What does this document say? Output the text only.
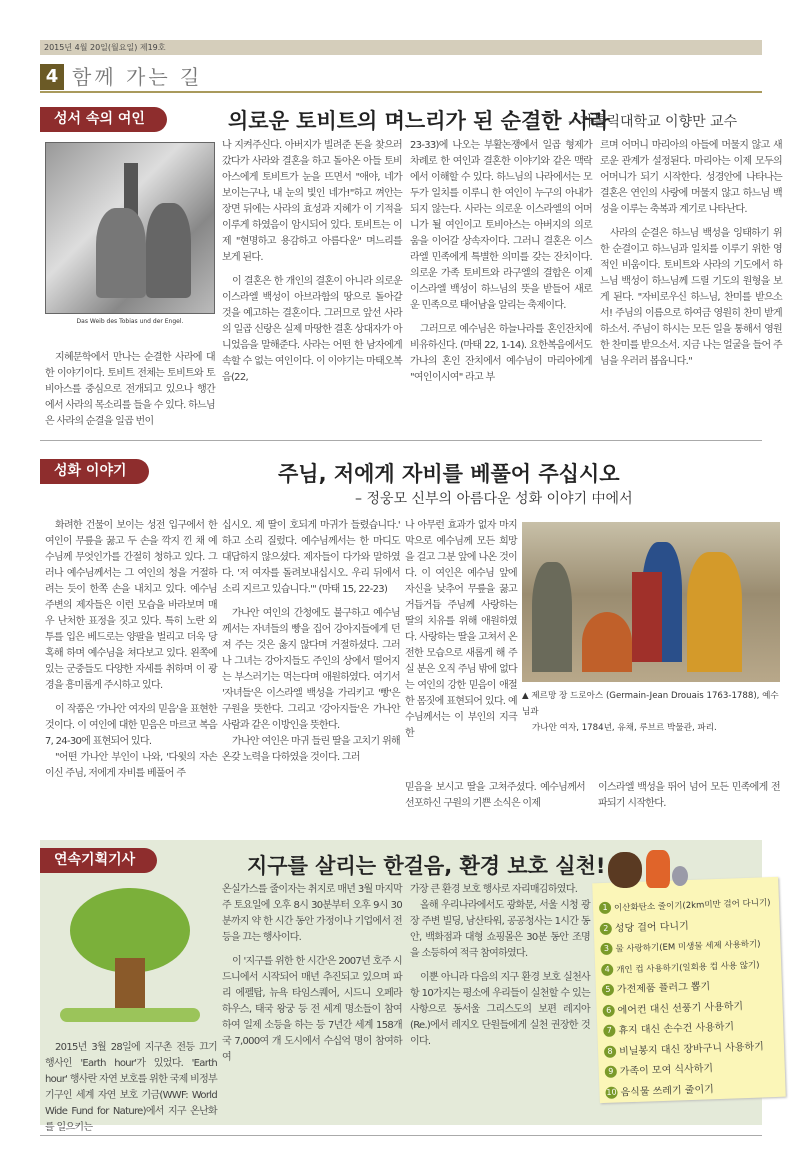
2015년 4월 20일(월요일) 제19호
4 함께 가는 길
성서 속의 여인	의로운 토비트의 며느리가 된 순결한 사라
– 가톨릭대학교 이향만 교수
Das Weib des Tobias und der Engel.

지혜문학에서 만나는 순결한 사라에 대한 이야기이다. 토비트 전체는 토비트와 토비아스를 중심으로 전개되고 있으나 행간에서 사라의 목소리를 들을 수 있다. 하느님은 사라의 순결을 일곱 번이

나 지켜주신다. 아버지가 빌려준 돈을 찾으러 갔다가 사라와 결혼을 하고 돌아온 아들 토비아스에게 토비트가 눈을 뜨면서 "애야, 네가 보이는구나, 내 눈의 빛인 네가!"하고 껴안는 장면 뒤에는 사라의 효성과 지혜가 이 기적을 이루게 하였음이 암시되어 있다. 토비트는 이제 "현명하고 용감하고 아름다운" 며느리를 보게 된다.

이 결혼은 한 개인의 결혼이 아니라 의로운 이스라엘 백성이 아브라함의 땅으로 돌아갈 것을 예고하는 결혼이다. 그러므로 앞선 사라의 일곱 신랑은 실제 마땅한 결혼 상대자가 아니었음을 말해준다. 사라는 어떤 한 남자에게 속할 수 없는 여인이다. 이 이야기는 마태오복음(22,

23-33)에 나오는 부활논쟁에서 일곱 형제가 차례로 한 여인과 결혼한 이야기와 같은 맥락에서 이해할 수 있다. 하느님의 나라에서는 모두가 일치를 이루니 한 여인이 누구의 아내가 되지 않는다. 사라는 의로운 이스라엘의 어머니가 될 여인이고 토비아스는 아버지의 의로움을 이어갈 상속자이다. 그러니 결혼은 이스라엘 민족에게 특별한 의미를 갖는 잔치이다. 의로운 가족 토비트와 라구엘의 결합은 이제 이스라엘 백성이 하느님의 뜻을 받들어 새로운 민족으로 태어남을 알리는 축제이다.

그러므로 예수님은 하늘나라를 혼인잔치에 비유하신다. (마태 22, 1-14). 요한복음에서도 가나의 혼인 잔치에서 예수님이 마리아에게 "여인이시여" 라고 부

르며 어머니 마리아의 아들에 머물지 않고 새로운 관계가 설정된다. 마리아는 이제 모두의 어머니가 되기 시작한다. 성경안에 나타나는 결혼은 연인의 사랑에 머물지 않고 하느님 백성을 이루는 축복과 계기로 나타난다.

사라의 순결은 하느님 백성을 잉태하기 위한 순결이고 하느님과 일치를 이루기 위한 영적인 비움이다. 토비트와 사라의 기도에서 하느님 백성이 하느님께 드릴 기도의 원형을 보게 된다. "자비로우신 하느님, 찬미를 받으소서! 주님의 이름으로 하여금 영원히 찬미 받게 하소서. 주님이 하시는 모든 일을 통해서 영원한 찬미를 받으소서. 지금 나는 얼굴을 들어 주님을 우러러 봅옵니다."

성화 이야기	주님, 저에게 자비를 베풀어 주십시오
– 정웅모 신부의 아름다운 성화 이야기 中에서

화려한 건물이 보이는 성전 입구에서 한 여인이 무릎을 꿇고 두 손을 깍지 낀 채 예수님께 무엇인가를 간절히 청하고 있다. 그러나 예수님께서는 그 여인의 청을 거절하려는 듯이 한쪽 손을 내치고 있다. 예수님 주변의 제자들은 이런 모습을 바라보며 매우 난처한 표정을 짓고 있다. 특히 노란 외투를 입은 베드로는 양팔을 벌리고 더욱 당혹해 하며 예수님을 쳐다보고 있다. 왼쪽에 있는 군중들도 다양한 자세를 취하며 이 광경을 흥미롭게 주시하고 있다.

이 작품은 '가나안 여자의 믿음'을 표현한 것이다. 이 여인에 대한 믿음은 마르코 복음 7, 24-30에 표현되어 있다.

"어떤 가나안 부인이 나와, '다윗의 자손이신 주님, 저에게 자비를 베풀어 주

십시오. 제 딸이 호되게 마귀가 들렸습니다.' 하고 소리 질렀다. 예수님께서는 한 마디도 대답하지 않으셨다. 제자들이 다가와 말하였다. '저 여자를 돌려보내십시오. 우리 뒤에서 소리 지르고 있습니다.'" (마태 15, 22-23)

가나안 여인의 간청에도 불구하고 예수님께서는 자녀들의 빵을 집어 강아지들에게 던져 주는 것은 옳지 않다며 거절하셨다. 그러나 그녀는 강아지들도 주인의 상에서 떨어지는 부스러기는 먹는다며 애원하였다. 여기서 '자녀들'은 이스라엘 백성을 가리키고 '빵'은 구원을 뜻한다. 그리고 '강아지들'은 가나안 사람과 같은 이방인을 뜻한다.

가나안 여인은 마귀 들린 딸을 고치기 위해 온갖 노력을 다하였을 것이다. 그러

나 아무런 효과가 없자 마지막으로 예수님께 모든 희망을 걸고 그분 앞에 나온 것이다. 이 여인은 예수님 앞에 자신을 낮추어 무릎을 꿇고 거듭거듭 주님께 사랑하는 딸의 치유를 위해 애원하였다. 사랑하는 딸을 고쳐서 온전한 모습으로 새롭게 해 주실 분은 오직 주님 밖에 없다는 여인의 강한 믿음이 애절한 몸짓에 표현되어 있다. 예수님께서는 이 부인의 지극한

믿음을 보시고 딸을 고쳐주셨다. 예수님께서 선포하신 구원의 기쁜 소식은 이제

이스라엘 백성을 뛰어 넘어 모든 민족에게 전파되기 시작한다.

▲ 제르망 장 드로아스 (Germain-Jean Drouais 1763-1788), 예수님과
가나안 여자, 1784년, 유채, 루브르 박물관, 파리.
연속기획기사	지구를 살리는 한걸음, 환경 보호 실천!

2015년 3월 28일에 지구촌 전등 끄기 행사인 'Earth hour'가 있었다. 'Earth hour' 행사란 자연 보호를 위한 국제 비정부 기구인 세계 자연 보호 기금(WWF: World Wide Fund for Nature)에서 지구 온난화를 일으키는

온실가스를 줄이자는 취지로 매년 3월 마지막 주 토요일에 오후 8시 30분부터 오후 9시 30분까지 약 한 시간 동안 가정이나 기업에서 전등을 끄는 행사이다.

이 '지구를 위한 한 시간'은 2007년 호주 시드니에서 시작되어 매년 추진되고 있으며 파리 에펠탑, 뉴욕 타임스퀘어, 시드니 오페라 하우스, 태국 왕궁 등 전 세계 명소들이 참여하여 일제 소등을 하는 등 7년간 세계 158개국 7,000여 개 도시에서 수십억 명이 참여하여

가장 큰 환경 보호 행사로 자리매김하였다.

올해 우리나라에서도 광화문, 서울 시청 광장 주변 빌딩, 남산타워, 공공청사는 1시간 동안, 백화점과 대형 쇼핑몰은 30분 동안 조명을 소등하여 적극 참여하였다.

이뿐 아니라 다음의 지구 환경 보호 실천사항 10가지는 평소에 우리들이 실천할 수 있는 사항으로 동서울 그리스도의 보편 레지아(Re.)에서 레지오 단원들에게 실천 권장한 것이다.

1 이산화탄소 줄이기(2km미만 걸어 다니기)
2 성당 걸어 다니기
3 물 사랑하기(EM 미생물 세제 사용하기)
4 개인 컵 사용하기(일회용 컵 사용 않기)
5 가전제품 플러그 뽑기
6 에어컨 대신 선풍기 사용하기
7 휴지 대신 손수건 사용하기
8 비닐봉지 대신 장바구니 사용하기
9 가족이 모여 식사하기
10 음식물 쓰레기 줄이기
